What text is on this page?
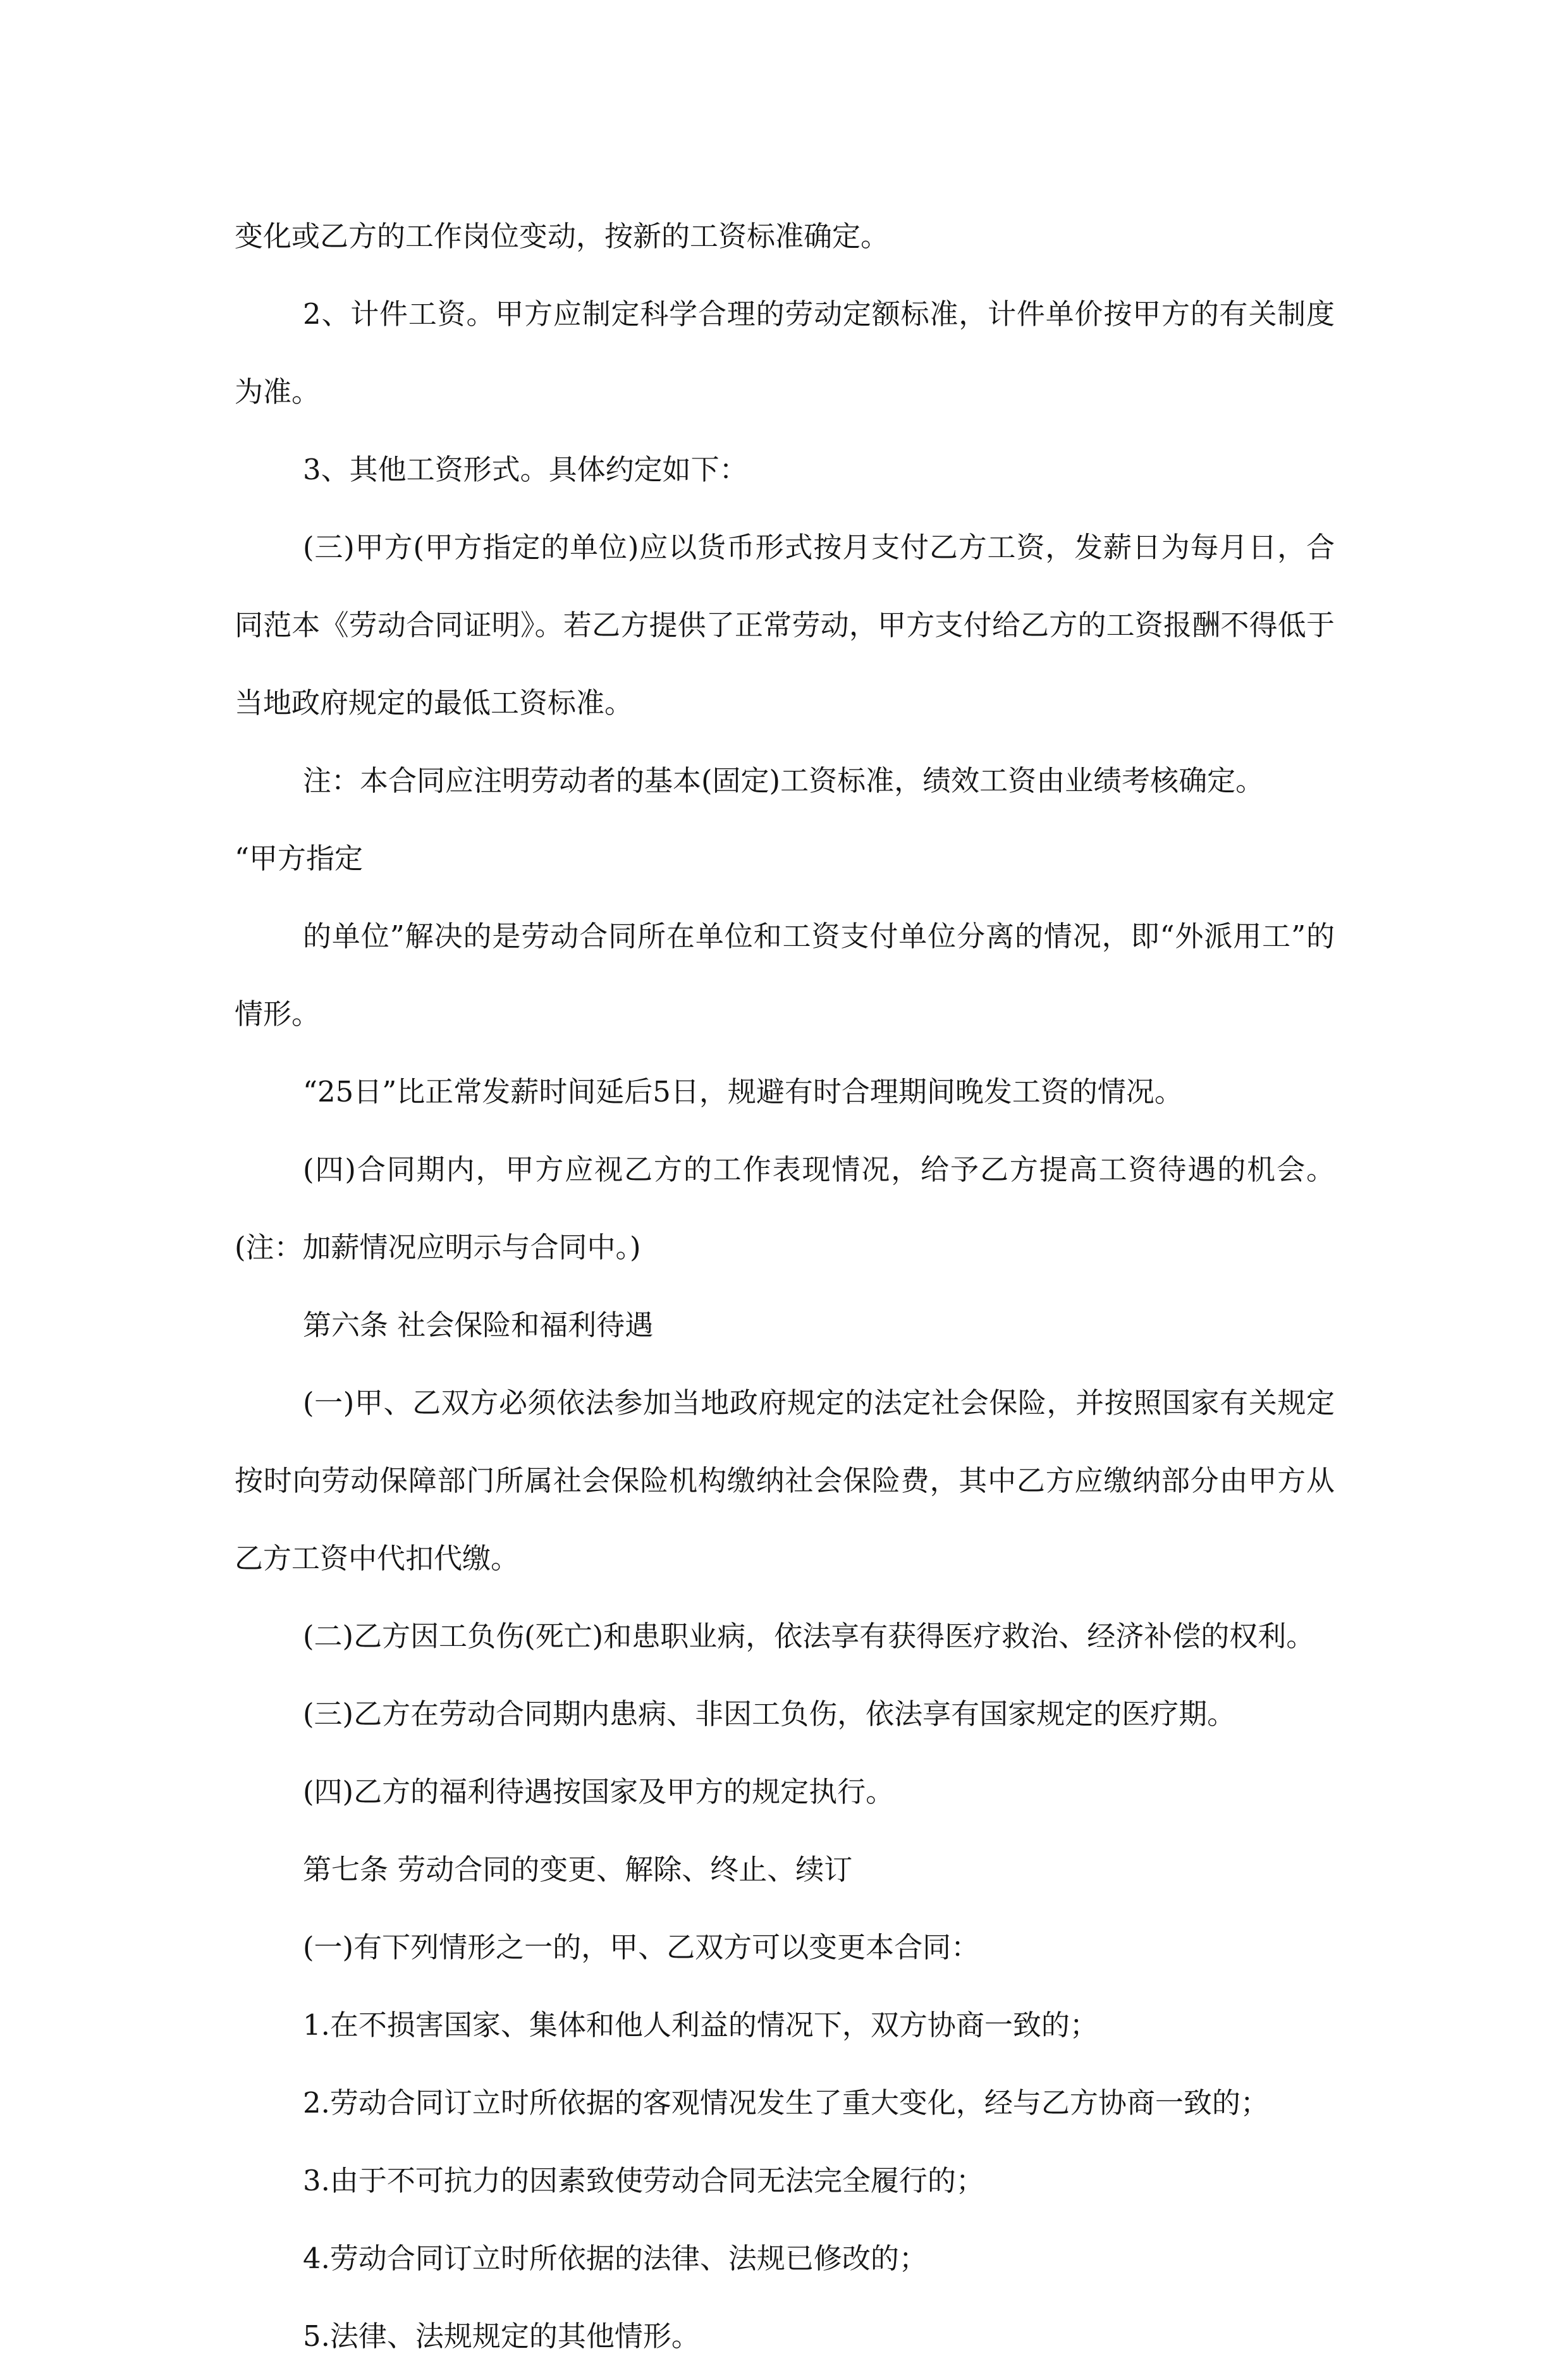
变化或乙方的工作岗位变动，按新的工资标准确定。

2、计件工资。甲方应制定科学合理的劳动定额标准，计件单价按甲方的有关制度为准。

3、其他工资形式。具体约定如下：

(三)甲方(甲方指定的单位)应以货币形式按月支付乙方工资，发薪日为每月日，合同范本《劳动合同证明》。若乙方提供了正常劳动，甲方支付给乙方的工资报酬不得低于当地政府规定的最低工资标准。

注：本合同应注明劳动者的基本(固定)工资标准，绩效工资由业绩考核确定。

“甲方指定

的单位”解决的是劳动合同所在单位和工资支付单位分离的情况，即“外派用工”的情形。

“25日”比正常发薪时间延后5日，规避有时合理期间晚发工资的情况。

(四)合同期内，甲方应视乙方的工作表现情况，给予乙方提高工资待遇的机会。(注：加薪情况应明示与合同中。)

第六条 社会保险和福利待遇

(一)甲、乙双方必须依法参加当地政府规定的法定社会保险，并按照国家有关规定按时向劳动保障部门所属社会保险机构缴纳社会保险费，其中乙方应缴纳部分由甲方从乙方工资中代扣代缴。

(二)乙方因工负伤(死亡)和患职业病，依法享有获得医疗救治、经济补偿的权利。

(三)乙方在劳动合同期内患病、非因工负伤，依法享有国家规定的医疗期。

(四)乙方的福利待遇按国家及甲方的规定执行。

第七条 劳动合同的变更、解除、终止、续订

(一)有下列情形之一的，甲、乙双方可以变更本合同：

1.在不损害国家、集体和他人利益的情况下，双方协商一致的；

2.劳动合同订立时所依据的客观情况发生了重大变化，经与乙方协商一致的；

3.由于不可抗力的因素致使劳动合同无法完全履行的；

4.劳动合同订立时所依据的法律、法规已修改的；

5.法律、法规规定的其他情形。
